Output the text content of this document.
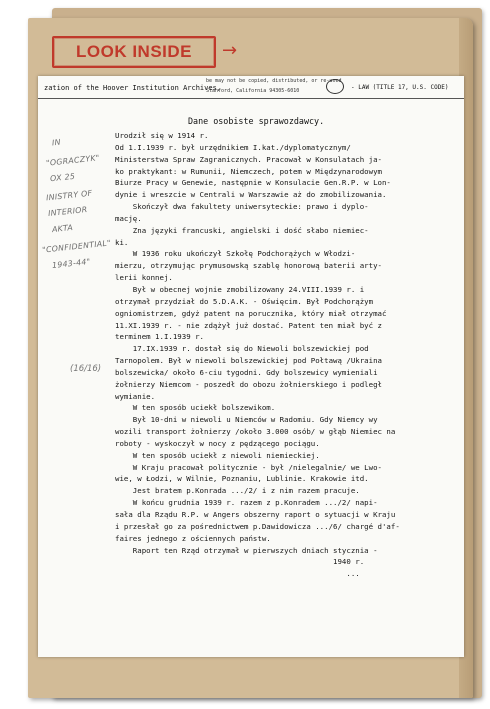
LOOK INSIDE →
zation of the Hoover Institution Archives,
be may not be copied, distributed, or re-used
Stanford, California 94305-6010	- LAW (TITLE 17, U.S. CODE)
Dane osobiste sprawozdawcy.
Urodził się w 1914 r.
Od 1.I.1939 r. był urzędnikiem I.kat./dyplomatycznym/
Ministerstwa Spraw Zagranicznych. Pracował w Konsulatach ja-
ko praktykant: w Rumunii, Niemczech, potem w Międzynarodowym
Biurze Pracy w Genewie, następnie w Konsulacie Gen.R.P. w Lon-
dynie i wreszcie w Centrali w Warszawie aż do zmobilizowania.
Skończył dwa fakultety uniwersyteckie: prawo i dyplo-
mację.
Zna języki francuski, angielski i dość słabo niemiec-
ki.
W 1936 roku ukończył Szkołę Podchorążych w Włodzi-
mierzu, otrzymując prymusowską szablę honorową baterii arty-
lerii konnej.
Był w obecnej wojnie zmobilizowany 24.VIII.1939 r. i
otrzymał przydział do 5.D.A.K. - Oświęcim. Był Podchorążym
ogniomistrzem, gdyż patent na porucznika, który miał otrzymać
11.XI.1939 r. - nie zdążył już dostać. Patent ten miał być z
terminem 1.I.1939 r.
17.IX.1939 r. dostał się do Niewoli bolszewickiej pod
Tarnopolem. Był w niewoli bolszewickiej pod Połtawą /Ukraina
bolszewicka/ około 6-ciu tygodni. Gdy bolszewicy wymieniali
żołnierzy Niemcom - poszedł do obozu żołnierskiego i podległ
wymianie.
W ten sposób uciekł bolszewikom.
Był 10-dni w niewoli u Niemców w Radomiu. Gdy Niemcy wy
wozili transport żołnierzy /około 3.000 osób/ w głąb Niemiec na
roboty - wyskoczył w nocy z pędzącego pociągu.
W ten sposób uciekł z niewoli niemieckiej.
W Kraju pracował politycznie - był /nielegalnie/ we Lwo-
wie, w Łodzi, w Wilnie, Poznaniu, Lublinie. Krakowie itd.
Jest bratem p.Konrada .../2/ i z nim razem pracuje.
W końcu grudnia 1939 r. razem z p.Konradem .../2/ napi-
sała dla Rządu R.P. w Angers obszerny raport o sytuacji w Kraju
i przesłał go za pośrednictwem p.Dawidowicza .../6/ chargé d'af-
faires jednego z ościennych państw.
Raport ten Rząd otrzymał w pierwszych dniach stycznia -
1940 r.
...
IN
"OGRACZYK"
OX 25
INISTRY OF
INTERIOR
AKTA
"CONFIDENTIAL"
1943-44"
(16/16)
